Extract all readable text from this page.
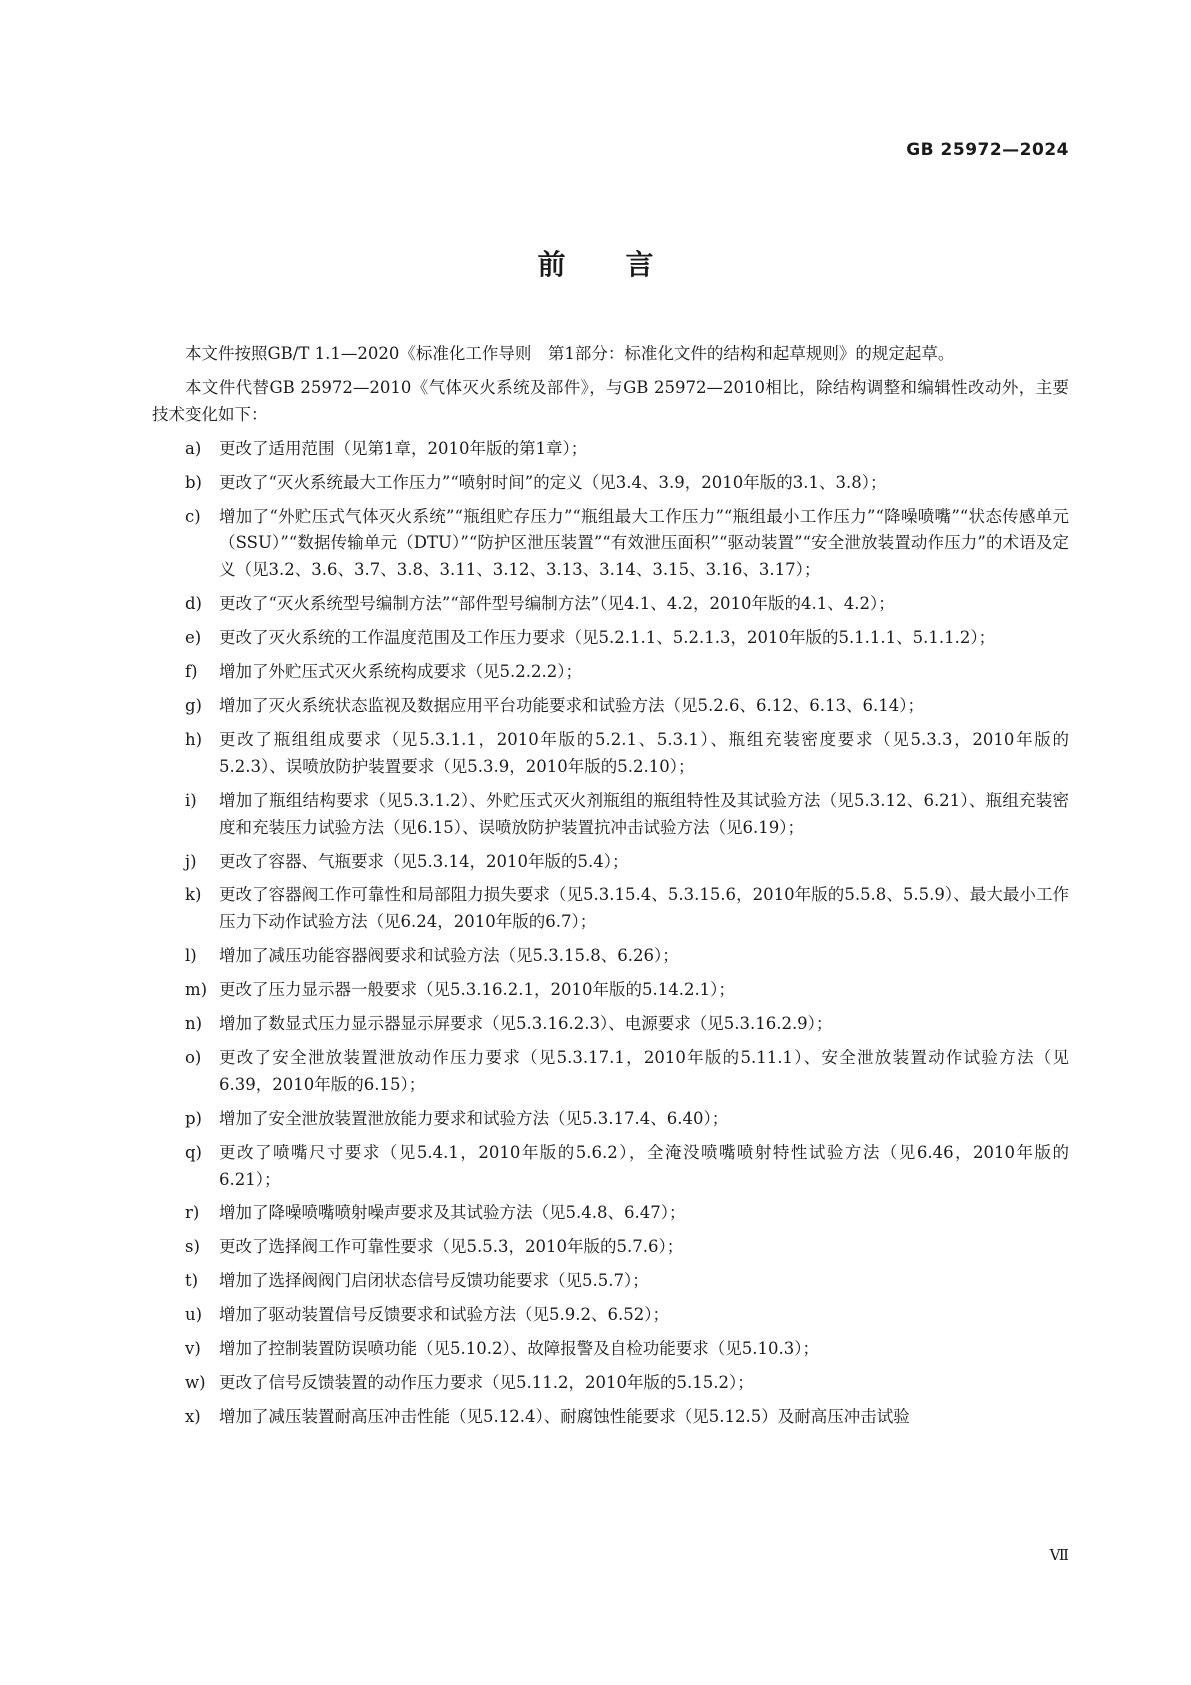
GB 25972—2024
前言

本文件按照GB/T 1.1—2020《标准化工作导则　第1部分：标准化文件的结构和起草规则》的规定起草。

本文件代替GB 25972—2010《气体灭火系统及部件》，与GB 25972—2010相比，除结构调整和编辑性改动外，主要技术变化如下：

a)	更改了适用范围（见第1章，2010年版的第1章）；
b)	更改了“灭火系统最大工作压力”“喷射时间”的定义（见3.4、3.9，2010年版的3.1、3.8）；
c)	增加了“外贮压式气体灭火系统”“瓶组贮存压力”“瓶组最大工作压力”“瓶组最小工作压力”“降噪喷嘴”“状态传感单元（SSU）”“数据传输单元（DTU）”“防护区泄压装置”“有效泄压面积”“驱动装置”“安全泄放装置动作压力”的术语及定义（见3.2、3.6、3.7、3.8、3.11、3.12、3.13、3.14、3.15、3.16、3.17）；
d)	更改了“灭火系统型号编制方法”“部件型号编制方法”（见4.1、4.2，2010年版的4.1、4.2）；
e)	更改了灭火系统的工作温度范围及工作压力要求（见5.2.1.1、5.2.1.3，2010年版的5.1.1.1、5.1.1.2）；
f)	增加了外贮压式灭火系统构成要求（见5.2.2.2）；
g)	增加了灭火系统状态监视及数据应用平台功能要求和试验方法（见5.2.6、6.12、6.13、6.14）；
h)	更改了瓶组组成要求（见5.3.1.1，2010年版的5.2.1、5.3.1）、瓶组充装密度要求（见5.3.3，2010年版的5.2.3）、误喷放防护装置要求（见5.3.9，2010年版的5.2.10）；
i)	增加了瓶组结构要求（见5.3.1.2）、外贮压式灭火剂瓶组的瓶组特性及其试验方法（见5.3.12、6.21）、瓶组充装密度和充装压力试验方法（见6.15）、误喷放防护装置抗冲击试验方法（见6.19）；
j)	更改了容器、气瓶要求（见5.3.14，2010年版的5.4）；
k)	更改了容器阀工作可靠性和局部阻力损失要求（见5.3.15.4、5.3.15.6，2010年版的5.5.8、5.5.9）、最大最小工作压力下动作试验方法（见6.24，2010年版的6.7）；
l)	增加了减压功能容器阀要求和试验方法（见5.3.15.8、6.26）；
m) 更改了压力显示器一般要求（见5.3.16.2.1，2010年版的5.14.2.1）；
n)	增加了数显式压力显示器显示屏要求（见5.3.16.2.3）、电源要求（见5.3.16.2.9）；
o)	更改了安全泄放装置泄放动作压力要求（见5.3.17.1，2010年版的5.11.1）、安全泄放装置动作试验方法（见6.39，2010年版的6.15）；
p)	增加了安全泄放装置泄放能力要求和试验方法（见5.3.17.4、6.40）；
q)	更改了喷嘴尺寸要求（见5.4.1，2010年版的5.6.2），全淹没喷嘴喷射特性试验方法（见6.46，2010年版的6.21）；
r)	增加了降噪喷嘴喷射噪声要求及其试验方法（见5.4.8、6.47）；
s)	更改了选择阀工作可靠性要求（见5.5.3，2010年版的5.7.6）；
t)	增加了选择阀阀门启闭状态信号反馈功能要求（见5.5.7）；
u)	增加了驱动装置信号反馈要求和试验方法（见5.9.2、6.52）；
v)	增加了控制装置防误喷功能（见5.10.2）、故障报警及自检功能要求（见5.10.3）；
w) 更改了信号反馈装置的动作压力要求（见5.11.2，2010年版的5.15.2）；
x)	增加了减压装置耐高压冲击性能（见5.12.4）、耐腐蚀性能要求（见5.12.5）及耐高压冲击试验
Ⅶ
